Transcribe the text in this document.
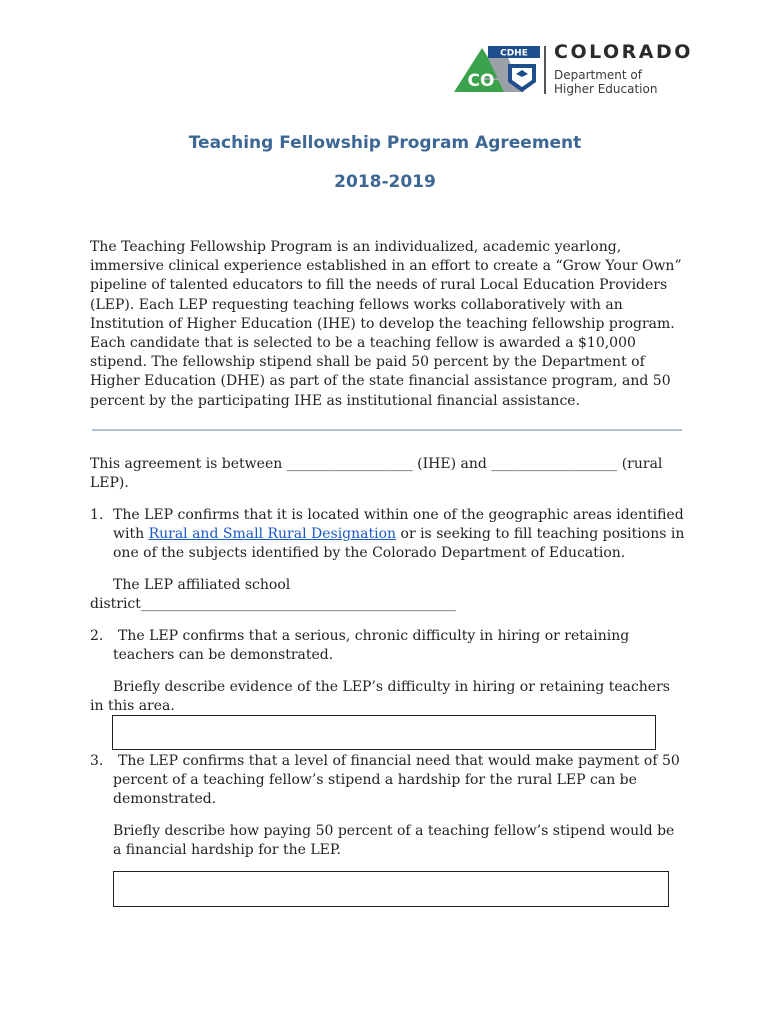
CDHE
CO
COLORADO
Department of
Higher Education
Teaching Fellowship Program Agreement
2018-2019
The Teaching Fellowship Program is an individualized, academic yearlong,
immersive clinical experience established in an effort to create a “Grow Your Own”
pipeline of talented educators to fill the needs of rural Local Education Providers
(LEP). Each LEP requesting teaching fellows works collaboratively with an
Institution of Higher Education (IHE) to develop the teaching fellowship program.
Each candidate that is selected to be a teaching fellow is awarded a $10,000
stipend. The fellowship stipend shall be paid 50 percent by the Department of
Higher Education (DHE) as part of the state financial assistance program, and 50
percent by the participating IHE as institutional financial assistance.
This agreement is between __________________ (IHE) and __________________ (rural
LEP).
1. The LEP confirms that it is located within one of the geographic areas identified
with Rural and Small Rural Designation or is seeking to fill teaching positions in
one of the subjects identified by the Colorado Department of Education.
The LEP affiliated school
district_____________________________________________
2.	The LEP confirms that a serious, chronic difficulty in hiring or retaining
teachers can be demonstrated.
Briefly describe evidence of the LEP’s difficulty in hiring or retaining teachers
in this area.
3.	The LEP confirms that a level of financial need that would make payment of 50
percent of a teaching fellow’s stipend a hardship for the rural LEP can be
demonstrated.
Briefly describe how paying 50 percent of a teaching fellow’s stipend would be
a financial hardship for the LEP.
